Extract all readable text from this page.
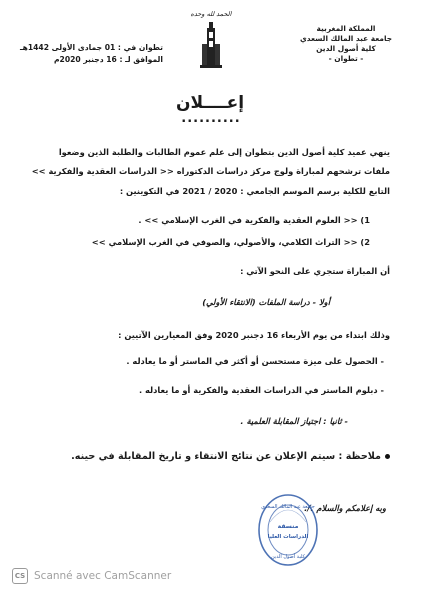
المملكة المغربية
جامعة عبد المالك السعدي
كلية أصول الدين
- تطوان -
الحمد لله وحده
تطوان في : 01 جمادى الأولى 1442هـ
الموافق لـ : 16 دجنبر 2020م
إعــــلان
..........
ينهي عميد كلية أصول الدين بتطوان إلى علم عموم الطالبات والطلبة الذين وضعوا
ملفات ترشحهم لمباراة ولوج مركز دراسات الدكتوراه << الدراسات العقدية والفكرية >>
التابع للكلية برسم الموسم الجامعي : 2020 / 2021 في التكوينين :
1) << العلوم العقدية والفكرية في الغرب الإسلامي >> .
2) << التراث الكلامي، والأصولي، والصوفي في الغرب الإسلامي >>
أن المباراة ستجري على النحو الآتي :
أولا - دراسة الملفات (الانتقاء الأولي)
وذلك ابتداء من يوم الأربعاء 16 دجنبر 2020 وفق المعيارين الآتيين :
- الحصول على ميزة مستحسن أو أكثر في الماستر أو ما يعادله .
- دبلوم الماستر في الدراسات العقدية والفكرية أو ما يعادله .
- ثانيا : اجتياز المقابلة العلمية .
ملاحظة : سيتم الإعلان عن نتائج الانتقاء و تاريخ المقابلة في حينه.
وبه إعلامكم والسلام ./.
جامعة عبد المالك السعدي
منسقة
الدراسات العليا
كلية أصول الدين
CS Scanné avec CamScanner
